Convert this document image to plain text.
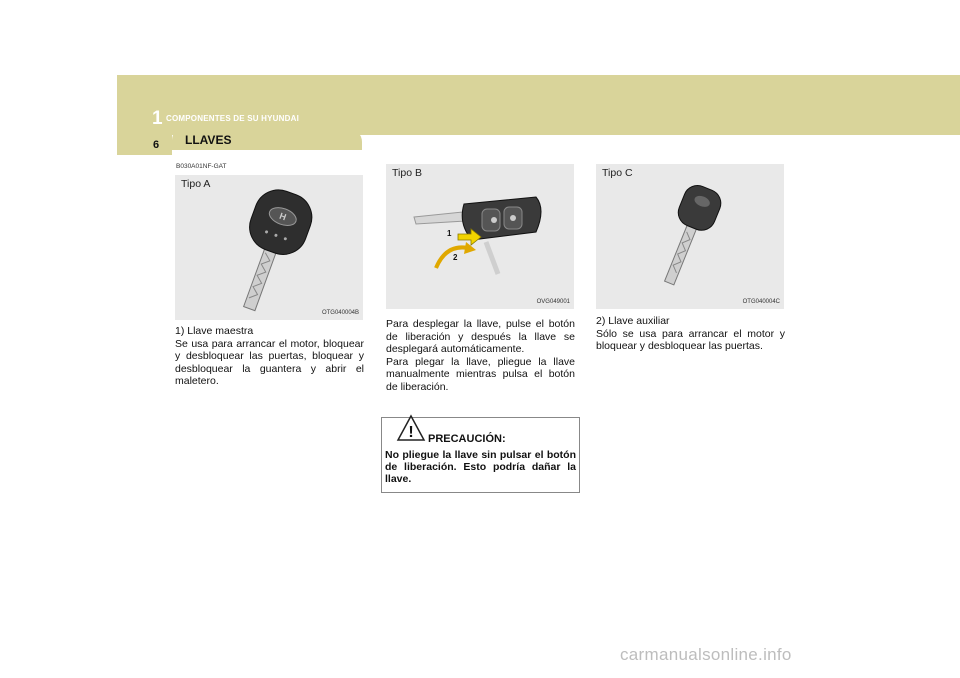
1 COMPONENTES DE SU HYUNDAI
6 LLAVES
B030A01NF-GAT
Tipo A
H
OTG040004B
Tipo B
1
2
OVG049001
Tipo C
OTG040004C

1) Llave maestra

Se usa para arrancar el motor, bloquear y desbloquear las puertas, bloquear y desbloquear la guantera y abrir el maletero.

Para desplegar la llave, pulse el botón de liberación y después la llave se desplegará automáticamente.

Para plegar la llave, pliegue la llave manualmente mientras pulsa el botón de liberación.

2) Llave auxiliar

Sólo se usa para arrancar el motor y bloquear y desbloquear las puertas.

! PRECAUCIÓN:
No pliegue la llave sin pulsar el botón de liberación. Esto podría dañar la llave.
carmanualsonline.info
